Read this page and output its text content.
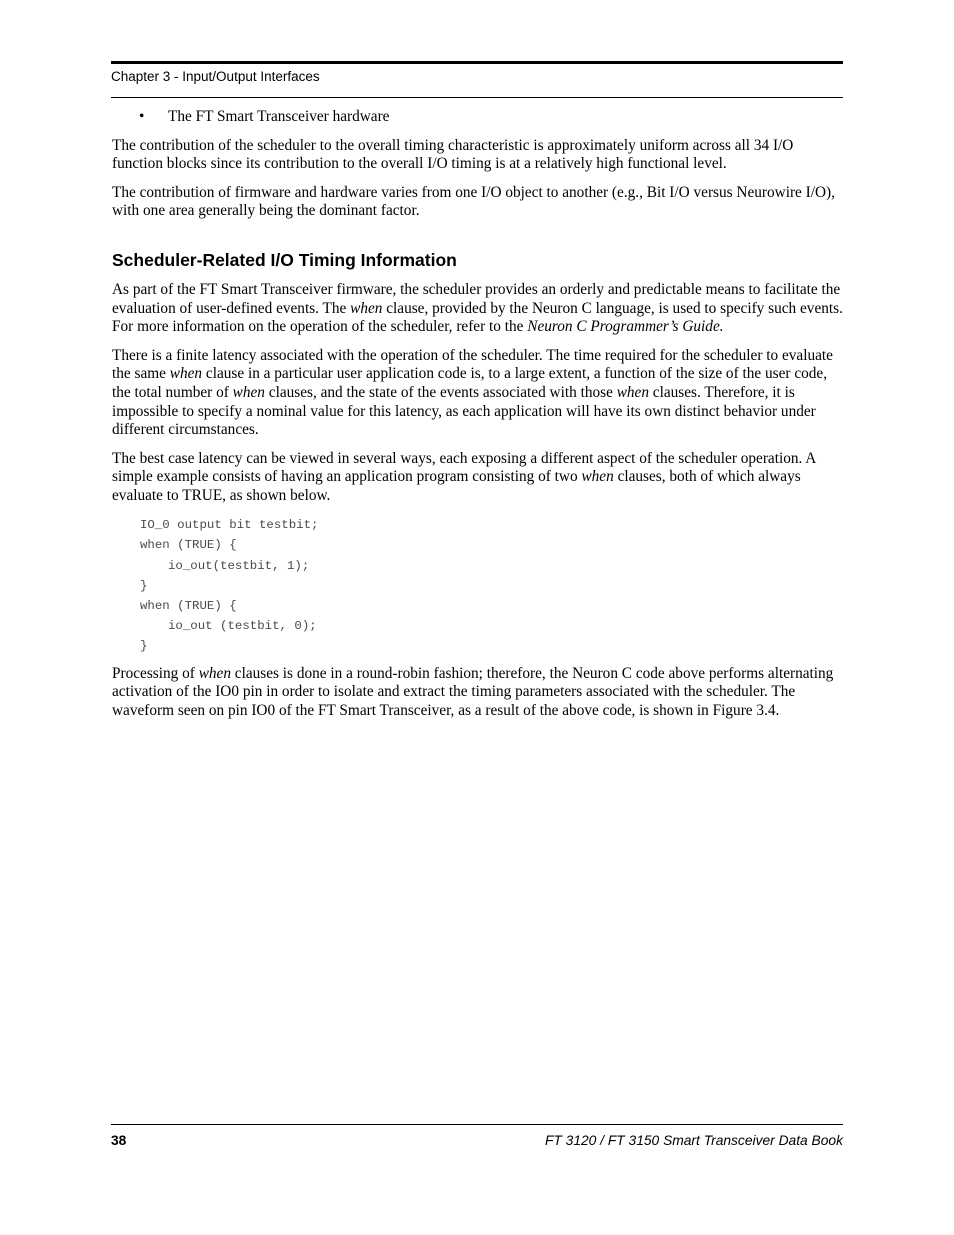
Chapter 3 - Input/Output Interfaces
• The FT Smart Transceiver hardware

The contribution of the scheduler to the overall timing characteristic is approximately uniform across all 34 I/O function blocks since its contribution to the overall I/O timing is at a relatively high functional level.

The contribution of firmware and hardware varies from one I/O object to another (e.g., Bit I/O versus Neurowire I/O), with one area generally being the dominant factor.

Scheduler-Related I/O Timing Information

As part of the FT Smart Transceiver firmware, the scheduler provides an orderly and predictable means to facilitate the evaluation of user-defined events. The when clause, provided by the Neuron C language, is used to specify such events. For more information on the operation of the scheduler, refer to the Neuron C Programmer’s Guide.

There is a finite latency associated with the operation of the scheduler. The time required for the scheduler to evaluate the same when clause in a particular user application code is, to a large extent, a function of the size of the user code, the total number of when clauses, and the state of the events associated with those when clauses. Therefore, it is impossible to specify a nominal value for this latency, as each application will have its own distinct behavior under different circumstances.

The best case latency can be viewed in several ways, each exposing a different aspect of the scheduler operation. A simple example consists of having an application program consisting of two when clauses, both of which always evaluate to TRUE, as shown below.

IO_0 output bit testbit;
when (TRUE) {
io_out(testbit, 1);
}
when (TRUE) {
io_out (testbit, 0);
}

Processing of when clauses is done in a round-robin fashion; therefore, the Neuron C code above performs alternating activation of the IO0 pin in order to isolate and extract the timing parameters associated with the scheduler. The waveform seen on pin IO0 of the FT Smart Transceiver, as a result of the above code, is shown in Figure 3.4.

38	FT 3120 / FT 3150 Smart Transceiver Data Book
